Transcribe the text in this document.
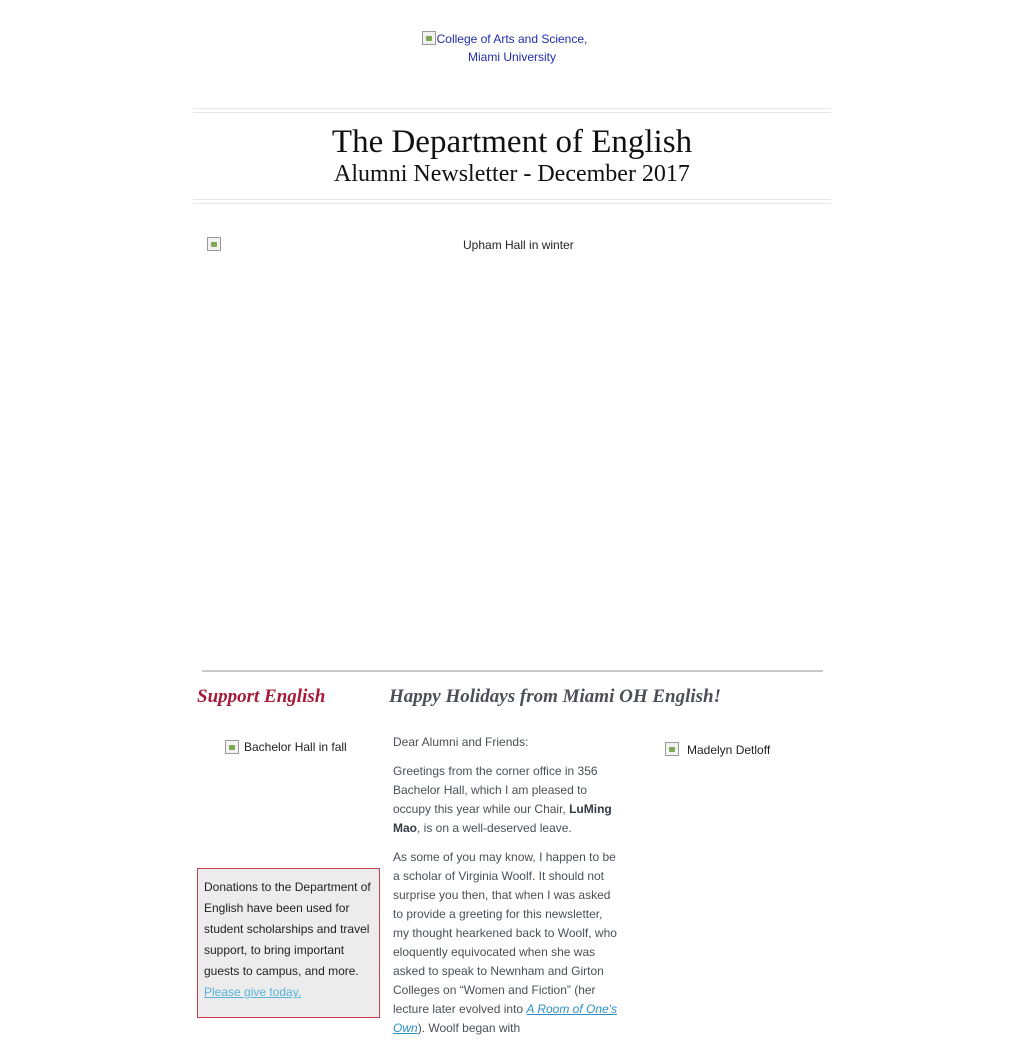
College of Arts and Science, Miami University
The Department of English
Alumni Newsletter - December 2017

Upham Hall in winter
Support English	Happy Holidays from Miami OH English!

Bachelor Hall in fall
Donations to the Department of English have been used for student scholarships and travel support, to bring important guests to campus, and more. Please give today.

Dear Alumni and Friends:

Greetings from the corner office in 356 Bachelor Hall, which I am pleased to occupy this year while our Chair, LuMing Mao, is on a well-deserved leave.

As some of you may know, I happen to be a scholar of Virginia Woolf. It should not surprise you then, that when I was asked to provide a greeting for this newsletter, my thought hearkened back to Woolf, who eloquently equivocated when she was asked to speak to Newnham and Girton Colleges on “Women and Fiction” (her lecture later evolved into A Room of One's Own). Woolf began with

Madelyn Detloff
